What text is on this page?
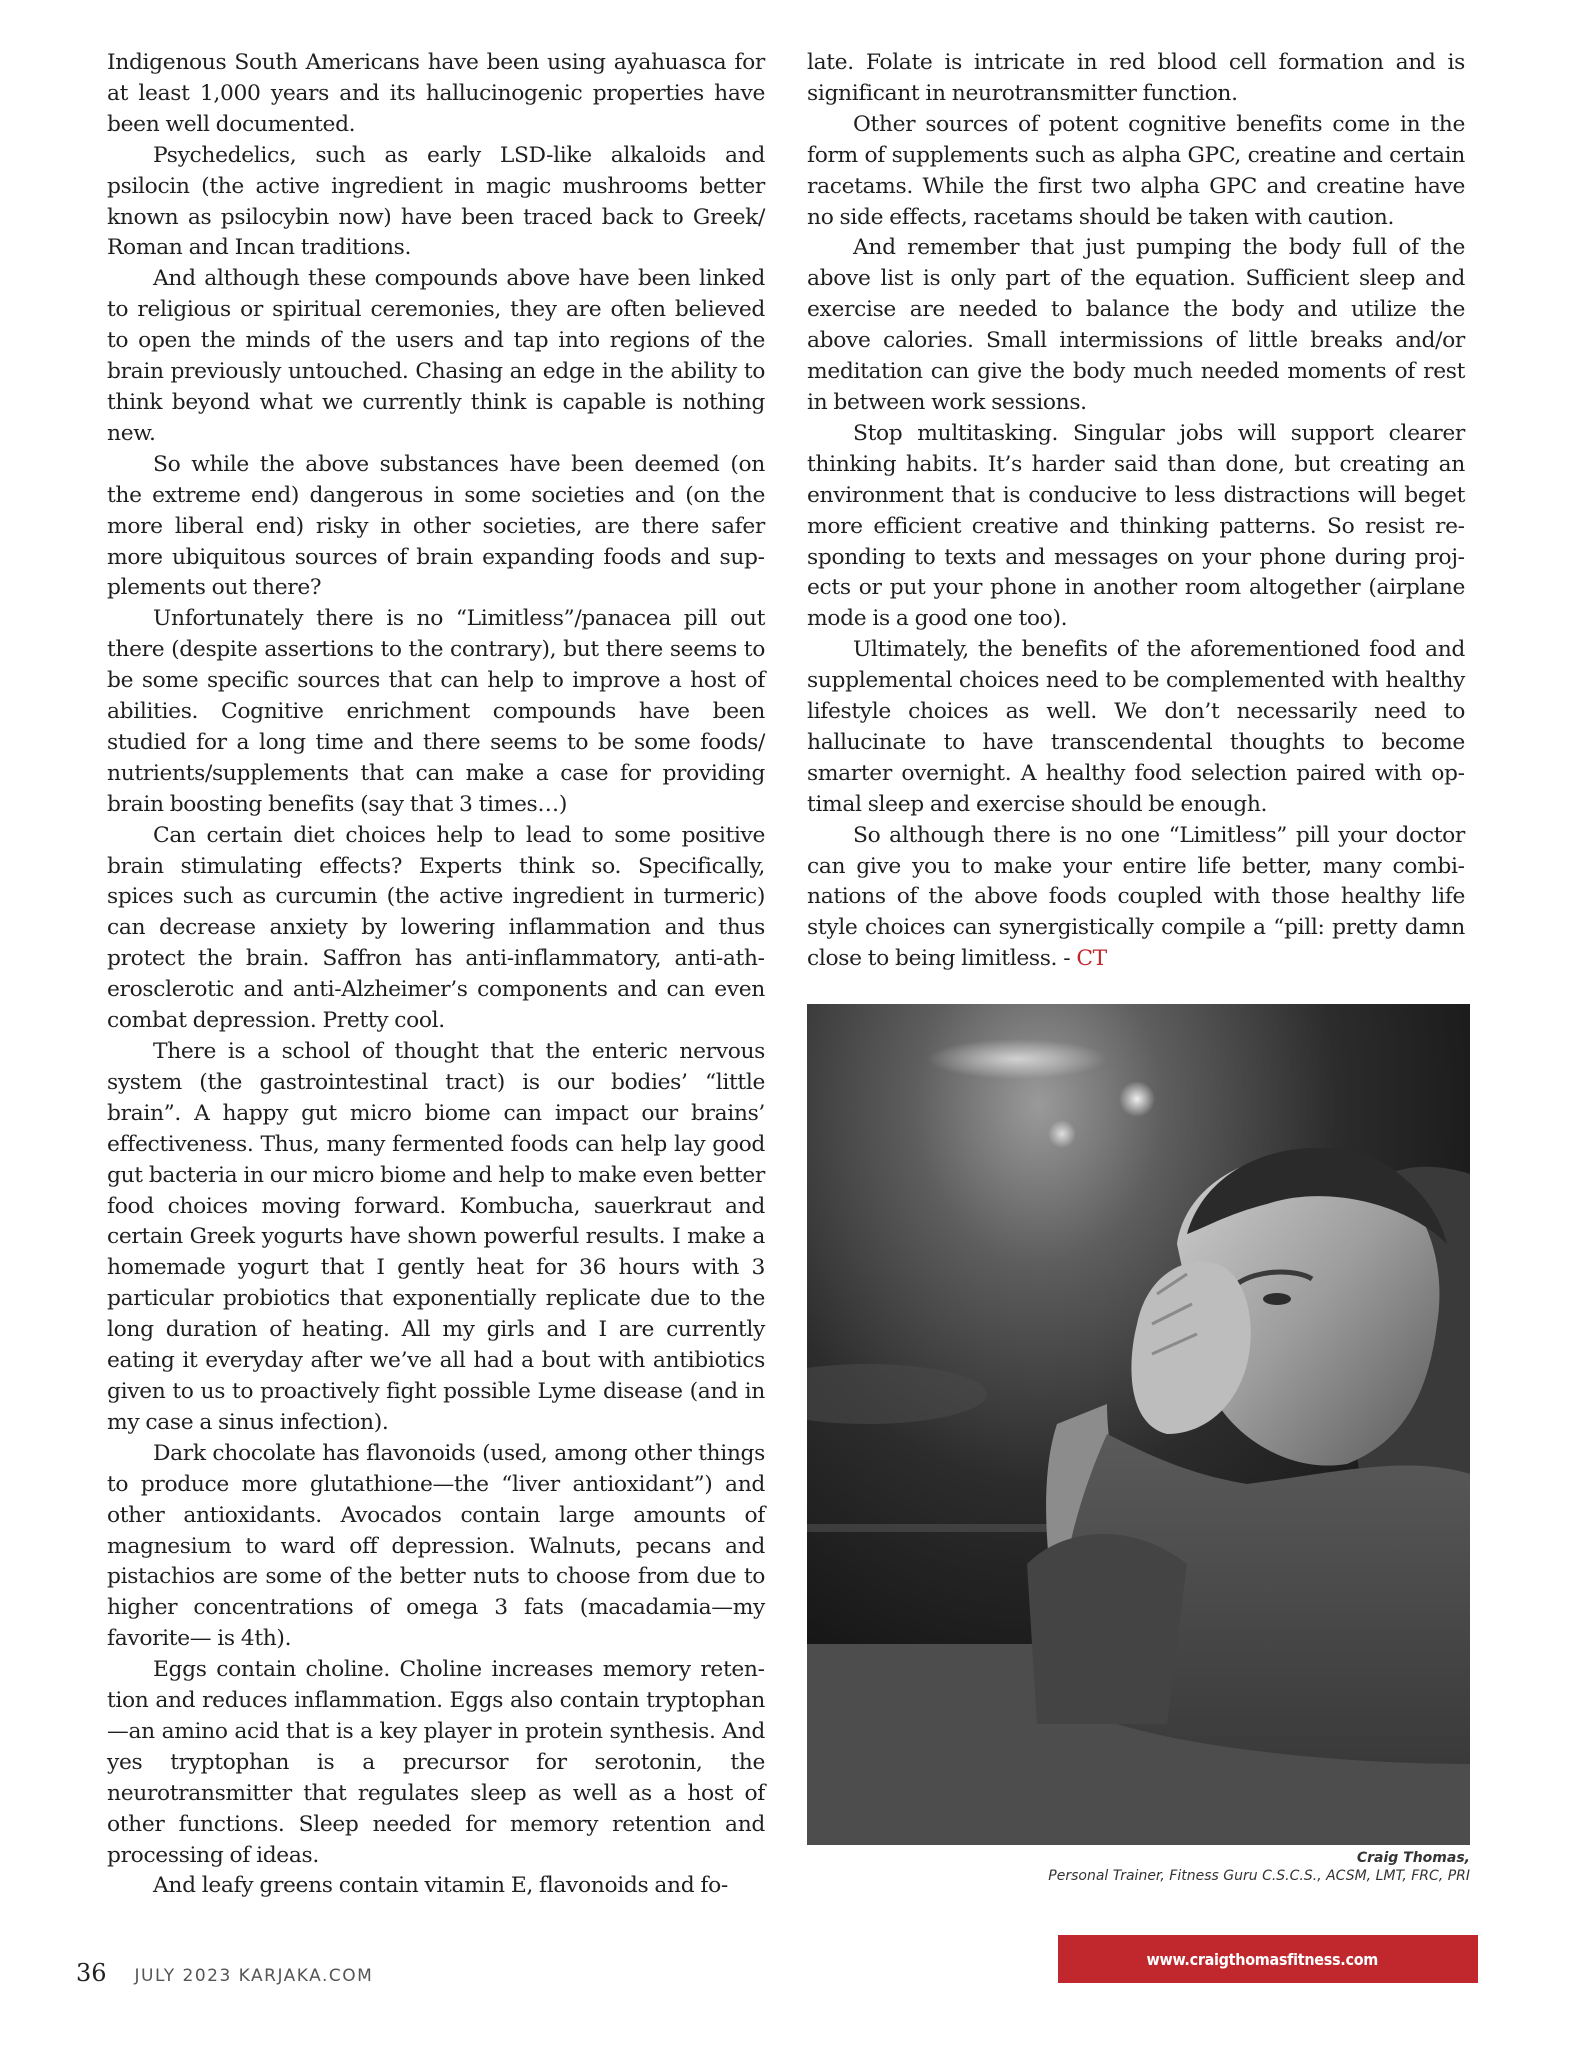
Indigenous South Americans have been using ayahuasca for at least 1,000 years and its hallucinogenic properties have been well documented.

Psychedelics, such as early LSD-like alkaloids and psilocin (the active ingredient in magic mushrooms better known as psilocybin now) have been traced back to Greek/ Roman and Incan traditions.

And although these compounds above have been linked to religious or spiritual ceremonies, they are often believed to open the minds of the users and tap into regions of the brain previously untouched. Chasing an edge in the ability to think beyond what we currently think is capable is nothing new.

So while the above substances have been deemed (on the extreme end) dangerous in some societies and (on the more liberal end) risky in other societies, are there safer more ubiquitous sources of brain expanding foods and supplements out there?

Unfortunately there is no “Limitless”/panacea pill out there (despite assertions to the contrary), but there seems to be some specific sources that can help to improve a host of abilities. Cognitive enrichment compounds have been studied for a long time and there seems to be some foods/ nutrients/supplements that can make a case for providing brain boosting benefits (say that 3 times…)

Can certain diet choices help to lead to some positive brain stimulating effects? Experts think so. Specifically, spices such as curcumin (the active ingredient in turmeric) can decrease anxiety by lowering inflammation and thus protect the brain. Saffron has anti-inflammatory, anti-atherosclerotic and anti-Alzheimer’s components and can even combat depression. Pretty cool.

There is a school of thought that the enteric nervous system (the gastrointestinal tract) is our bodies’ “little brain”. A happy gut micro biome can impact our brains’ effectiveness. Thus, many fermented foods can help lay good gut bacteria in our micro biome and help to make even better food choices moving forward. Kombucha, sauerkraut and certain Greek yogurts have shown powerful results. I make a homemade yogurt that I gently heat for 36 hours with 3 particular probiotics that exponentially replicate due to the long duration of heating. All my girls and I are currently eating it everyday after we’ve all had a bout with antibiotics given to us to proactively fight possible Lyme disease (and in my case a sinus infection).

Dark chocolate has flavonoids (used, among other things to produce more glutathione—the “liver antioxidant”) and other antioxidants. Avocados contain large amounts of magnesium to ward off depression. Walnuts, pecans and pistachios are some of the better nuts to choose from due to higher concentrations of omega 3 fats (macadamia—my favorite— is 4th).

Eggs contain choline. Choline increases memory retention and reduces inflammation. Eggs also contain tryptophan—an amino acid that is a key player in protein synthesis. And yes tryptophan is a precursor for serotonin, the neurotransmitter that regulates sleep as well as a host of other functions. Sleep needed for memory retention and processing of ideas.

And leafy greens contain vitamin E, flavonoids and fo-

late. Folate is intricate in red blood cell formation and is significant in neurotransmitter function.

Other sources of potent cognitive benefits come in the form of supplements such as alpha GPC, creatine and certain racetams. While the first two alpha GPC and creatine have no side effects, racetams should be taken with caution.

And remember that just pumping the body full of the above list is only part of the equation. Sufficient sleep and exercise are needed to balance the body and utilize the above calories. Small intermissions of little breaks and/or meditation can give the body much needed moments of rest in between work sessions.

Stop multitasking. Singular jobs will support clearer thinking habits. It’s harder said than done, but creating an environment that is conducive to less distractions will beget more efficient creative and thinking patterns. So resist responding to texts and messages on your phone during projects or put your phone in another room altogether (airplane mode is a good one too).

Ultimately, the benefits of the aforementioned food and supplemental choices need to be complemented with healthy lifestyle choices as well. We don’t necessarily need to hallucinate to have transcendental thoughts to become smarter overnight. A healthy food selection paired with optimal sleep and exercise should be enough.

So although there is no one “Limitless” pill your doctor can give you to make your entire life better, many combinations of the above foods coupled with those healthy life style choices can synergistically compile a “pill: pretty damn close to being limitless. - CT

Craig Thomas,
Personal Trainer, Fitness Guru C.S.C.S., ACSM, LMT, FRC, PRI
36 JULY 2023 KARJAKA.COM
www.craigthomasfitness.com
